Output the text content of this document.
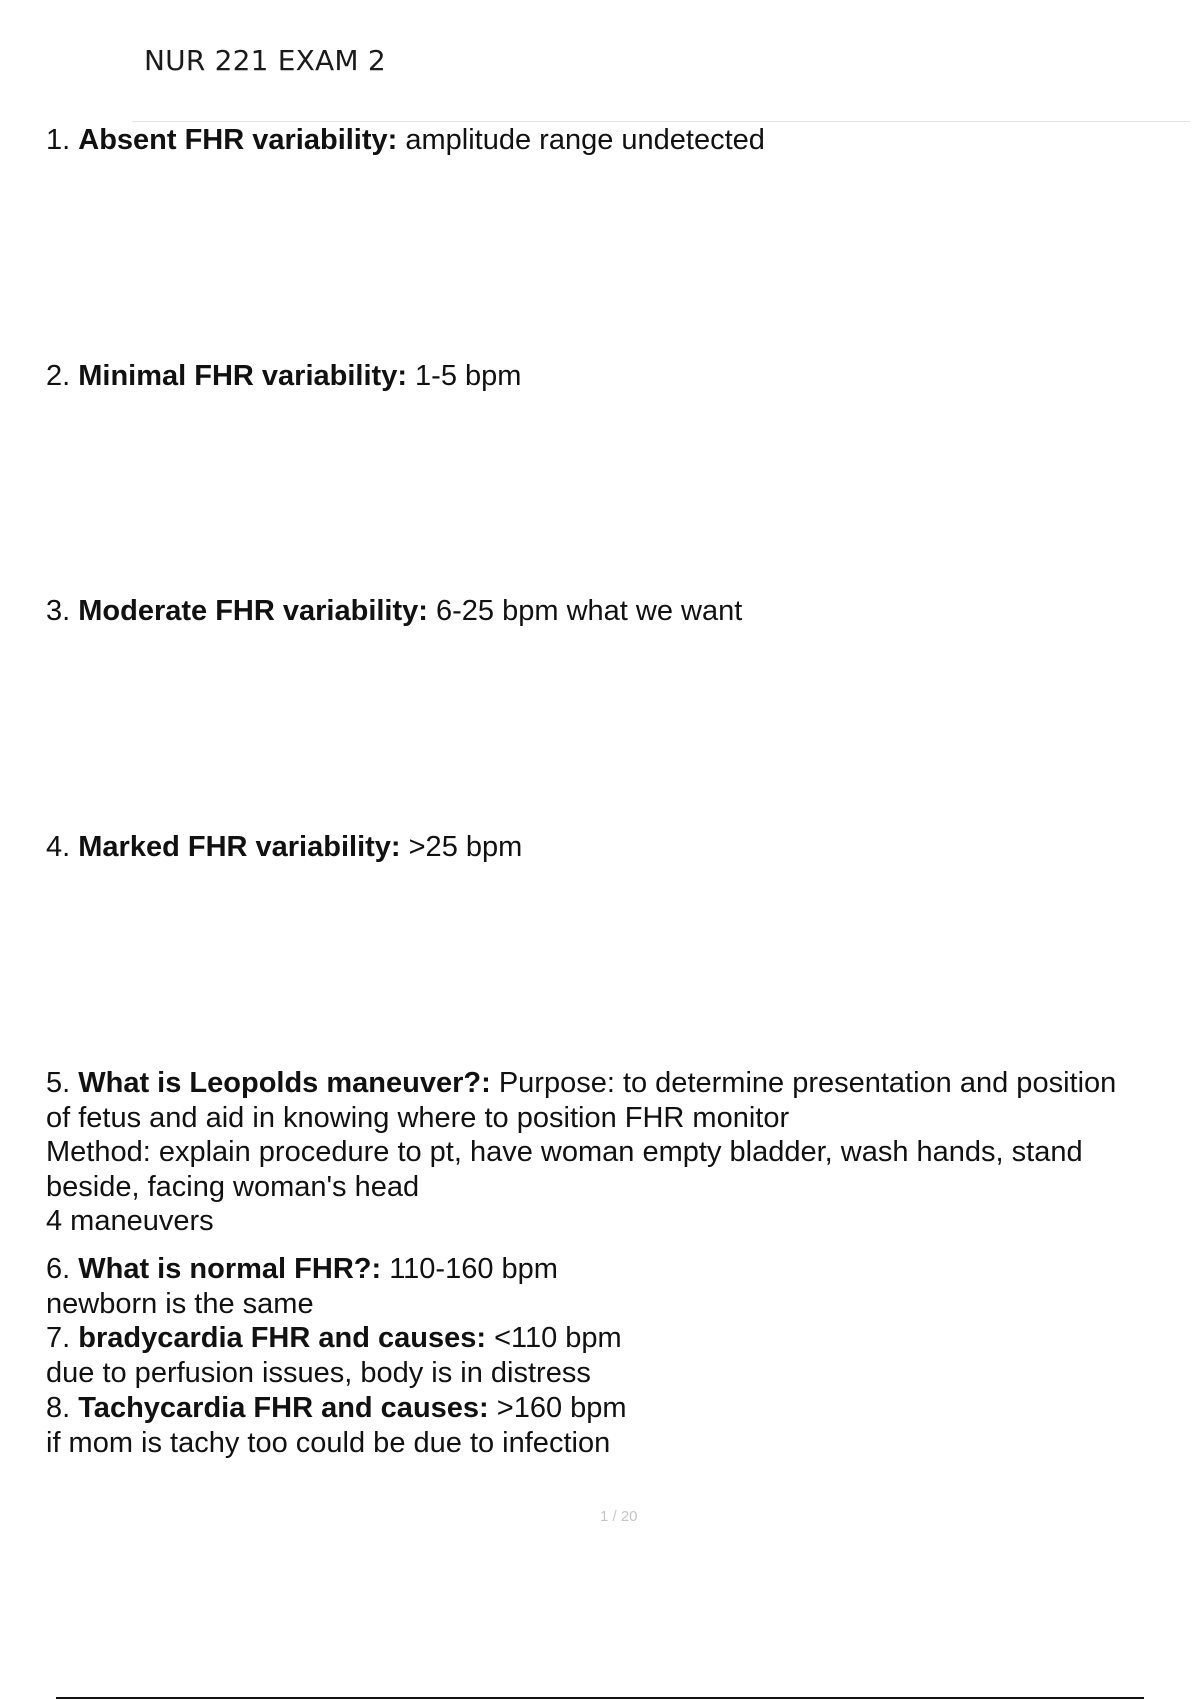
NUR 221 EXAM 2
1. Absent FHR variability: amplitude range undetected
2. Minimal FHR variability: 1-5 bpm
3. Moderate FHR variability: 6-25 bpm what we want
4. Marked FHR variability: >25 bpm
5. What is Leopolds maneuver?: Purpose: to determine presentation and position
of fetus and aid in knowing where to position FHR monitor
Method: explain procedure to pt, have woman empty bladder, wash hands, stand
beside, facing woman's head
4 maneuvers
6. What is normal FHR?: 110-160 bpm
newborn is the same
7. bradycardia FHR and causes: <110 bpm
due to perfusion issues, body is in distress
8. Tachycardia FHR and causes: >160 bpm
if mom is tachy too could be due to infection
1 / 20
